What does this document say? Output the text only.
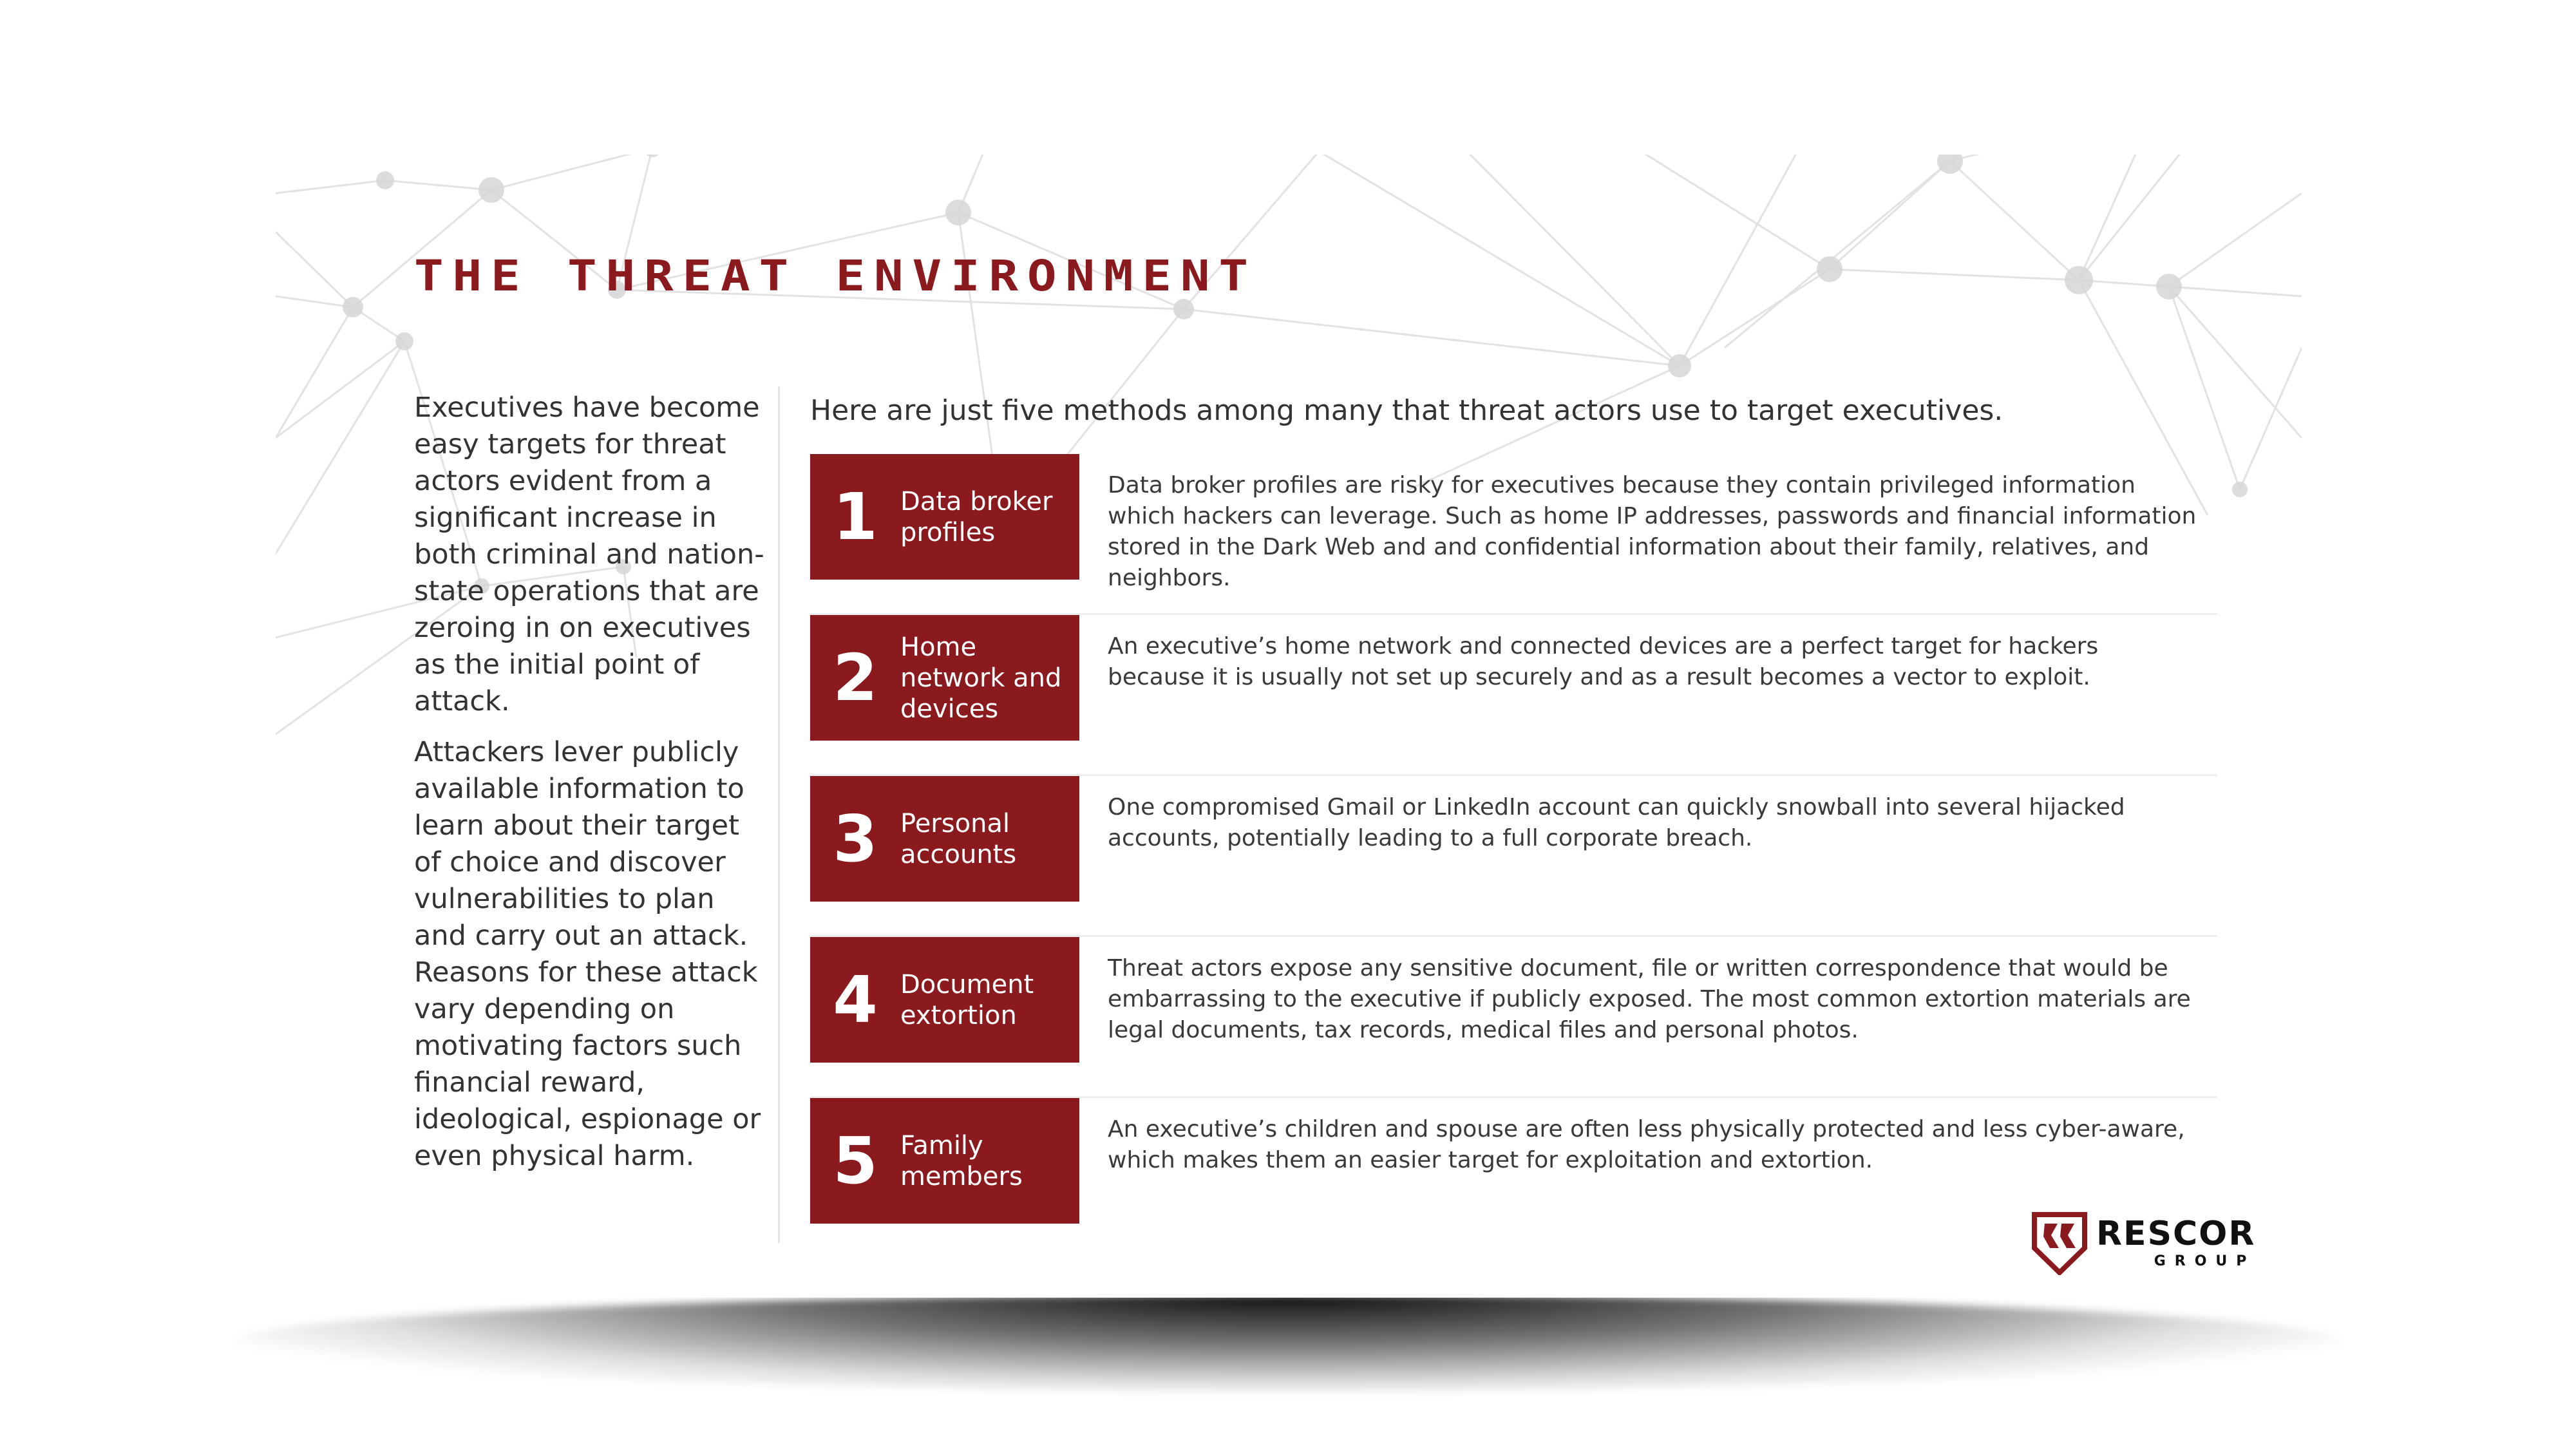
THE THREAT ENVIRONMENT

Executives have become easy targets for threat actors evident from a significant increase in both criminal and nation-state operations that are zeroing in on executives as the initial point of attack.

Attackers lever publicly available information to learn about their target of choice and discover vulnerabilities to plan and carry out an attack. Reasons for these attack vary depending on motivating factors such financial reward, ideological, espionage or even physical harm.

Here are just five methods among many that threat actors use to target executives.
1 Data broker profiles
Data broker profiles are risky for executives because they contain privileged information which hackers can leverage. Such as home IP addresses, passwords and financial information stored in the Dark Web and and confidential information about their family, relatives, and neighbors.
2 Home network and devices
An executive’s home network and connected devices are a perfect target for hackers because it is usually not set up securely and as a result becomes a vector to exploit.
3 Personal accounts
One compromised Gmail or LinkedIn account can quickly snowball into several hijacked accounts, potentially leading to a full corporate breach.
4 Document extortion
Threat actors expose any sensitive document, file or written correspondence that would be embarrassing to the executive if publicly exposed. The most common extortion materials are legal documents, tax records, medical files and personal photos.
5 Family members
An executive’s children and spouse are often less physically protected and less cyber-aware, which makes them an easier target for exploitation and extortion.
RESCOR
GROUP
